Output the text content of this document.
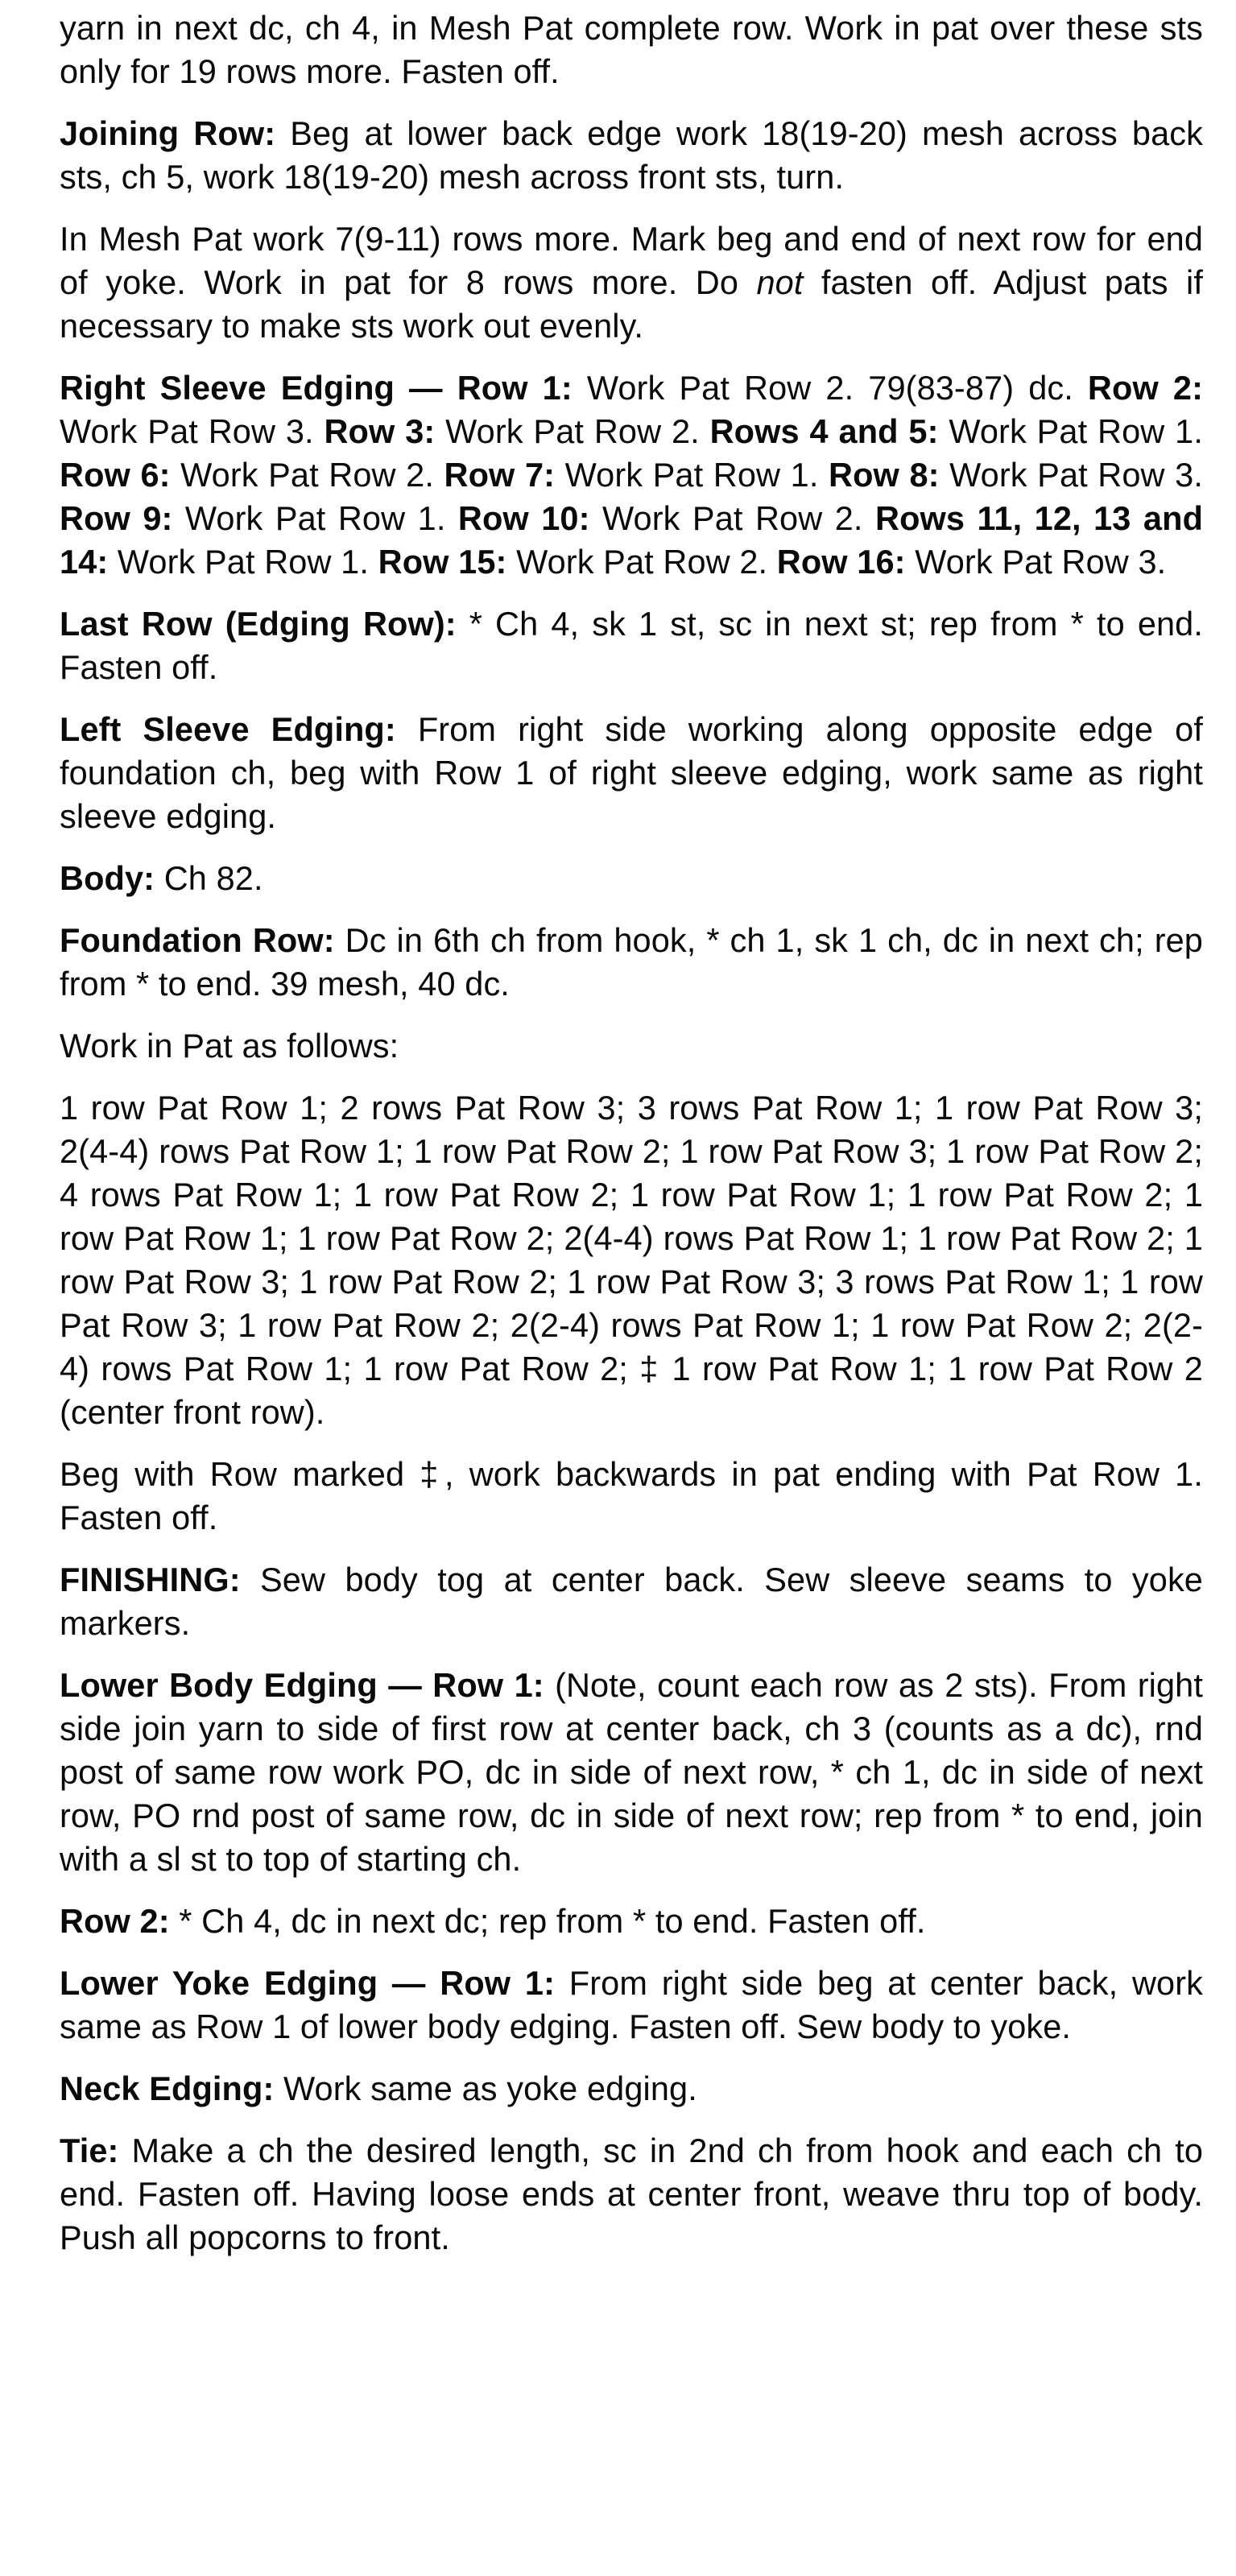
yarn in next dc, ch 4, in Mesh Pat complete row. Work in pat over these sts only for 19 rows more. Fasten off.

Joining Row: Beg at lower back edge work 18(19-20) mesh across back sts, ch 5, work 18(19-20) mesh across front sts, turn.

In Mesh Pat work 7(9-11) rows more. Mark beg and end of next row for end of yoke. Work in pat for 8 rows more. Do not fasten off. Adjust pats if necessary to make sts work out evenly.

Right Sleeve Edging — Row 1: Work Pat Row 2. 79(83-87) dc. Row 2: Work Pat Row 3. Row 3: Work Pat Row 2. Rows 4 and 5: Work Pat Row 1. Row 6: Work Pat Row 2. Row 7: Work Pat Row 1. Row 8: Work Pat Row 3. Row 9: Work Pat Row 1. Row 10: Work Pat Row 2. Rows 11, 12, 13 and 14: Work Pat Row 1. Row 15: Work Pat Row 2. Row 16: Work Pat Row 3.

Last Row (Edging Row): * Ch 4, sk 1 st, sc in next st; rep from * to end. Fasten off.

Left Sleeve Edging: From right side working along opposite edge of foundation ch, beg with Row 1 of right sleeve edging, work same as right sleeve edging.

Body: Ch 82.

Foundation Row: Dc in 6th ch from hook, * ch 1, sk 1 ch, dc in next ch; rep from * to end. 39 mesh, 40 dc.

Work in Pat as follows:

1 row Pat Row 1; 2 rows Pat Row 3; 3 rows Pat Row 1; 1 row Pat Row 3; 2(4-4) rows Pat Row 1; 1 row Pat Row 2; 1 row Pat Row 3; 1 row Pat Row 2; 4 rows Pat Row 1; 1 row Pat Row 2; 1 row Pat Row 1; 1 row Pat Row 2; 1 row Pat Row 1; 1 row Pat Row 2; 2(4-4) rows Pat Row 1; 1 row Pat Row 2; 1 row Pat Row 3; 1 row Pat Row 2; 1 row Pat Row 3; 3 rows Pat Row 1; 1 row Pat Row 3; 1 row Pat Row 2; 2(2-4) rows Pat Row 1; 1 row Pat Row 2; 2(2-4) rows Pat Row 1; 1 row Pat Row 2; ‡ 1 row Pat Row 1; 1 row Pat Row 2 (center front row).

Beg with Row marked ‡, work backwards in pat ending with Pat Row 1. Fasten off.

FINISHING: Sew body tog at center back. Sew sleeve seams to yoke markers.

Lower Body Edging — Row 1: (Note, count each row as 2 sts). From right side join yarn to side of first row at center back, ch 3 (counts as a dc), rnd post of same row work PO, dc in side of next row, * ch 1, dc in side of next row, PO rnd post of same row, dc in side of next row; rep from * to end, join with a sl st to top of starting ch.

Row 2: * Ch 4, dc in next dc; rep from * to end. Fasten off.

Lower Yoke Edging — Row 1: From right side beg at center back, work same as Row 1 of lower body edging. Fasten off. Sew body to yoke.

Neck Edging: Work same as yoke edging.

Tie: Make a ch the desired length, sc in 2nd ch from hook and each ch to end. Fasten off. Having loose ends at center front, weave thru top of body. Push all popcorns to front.
